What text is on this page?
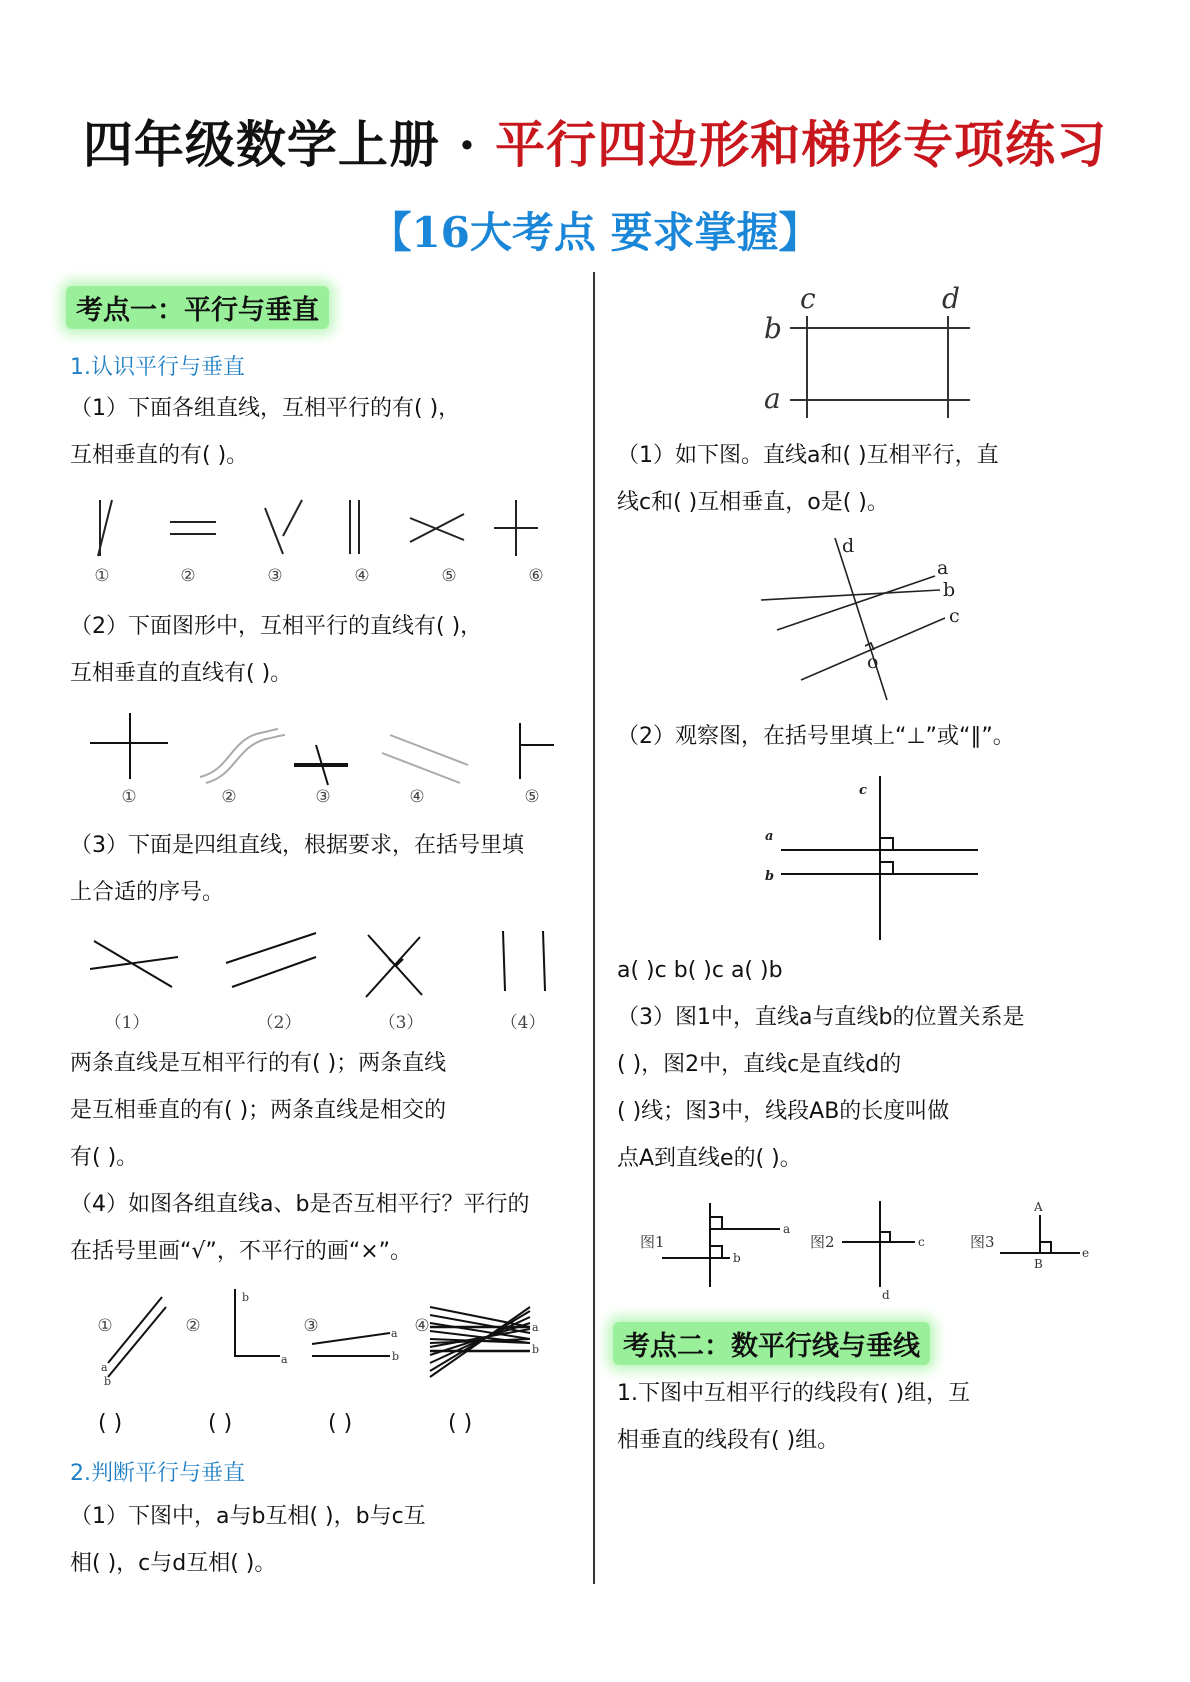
四年级数学上册 · 平行四边形和梯形专项练习
【16大考点 要求掌握】
考点一：平行与垂直
1.认识平行与垂直
（1）下面各组直线，互相平行的有( )，
互相垂直的有( )。
①	②	③	④	⑤	⑥
（2）下面图形中，互相平行的直线有( )，
互相垂直的直线有( )。
①	②	③	④	⑤
（3）下面是四组直线，根据要求，在括号里填
上合适的序号。
（1）	（2）	（3）	（4）
两条直线是互相平行的有( )；两条直线
是互相垂直的有( )；两条直线是相交的
有( )。
（4）如图各组直线a、b是否互相平行？平行的
在括号里画“√”，不平行的画“×”。
①	②	③	④
a
b
a
b
a
b
a
b
( )	( )	( )	( )
2.判断平行与垂直
（1）下图中，a与b互相( )，b与c互
相( )，c与d互相( )。
c	d
b
a
（1）如下图。直线a和( )互相平行，直
线c和( )互相垂直，o是( )。
d
a
b
c
o
（2）观察图，在括号里填上“⊥”或“∥”。
c
a
b
a( )c b( )c a( )b
（3）图1中，直线a与直线b的位置关系是
( )，图2中，直线c是直线d的
( )线；图3中，线段AB的长度叫做
点A到直线e的( )。
图1	图2	图3
a
b
c
d
A
B
e
考点二：数平行线与垂线
1.下图中互相平行的线段有( )组，互
相垂直的线段有( )组。
